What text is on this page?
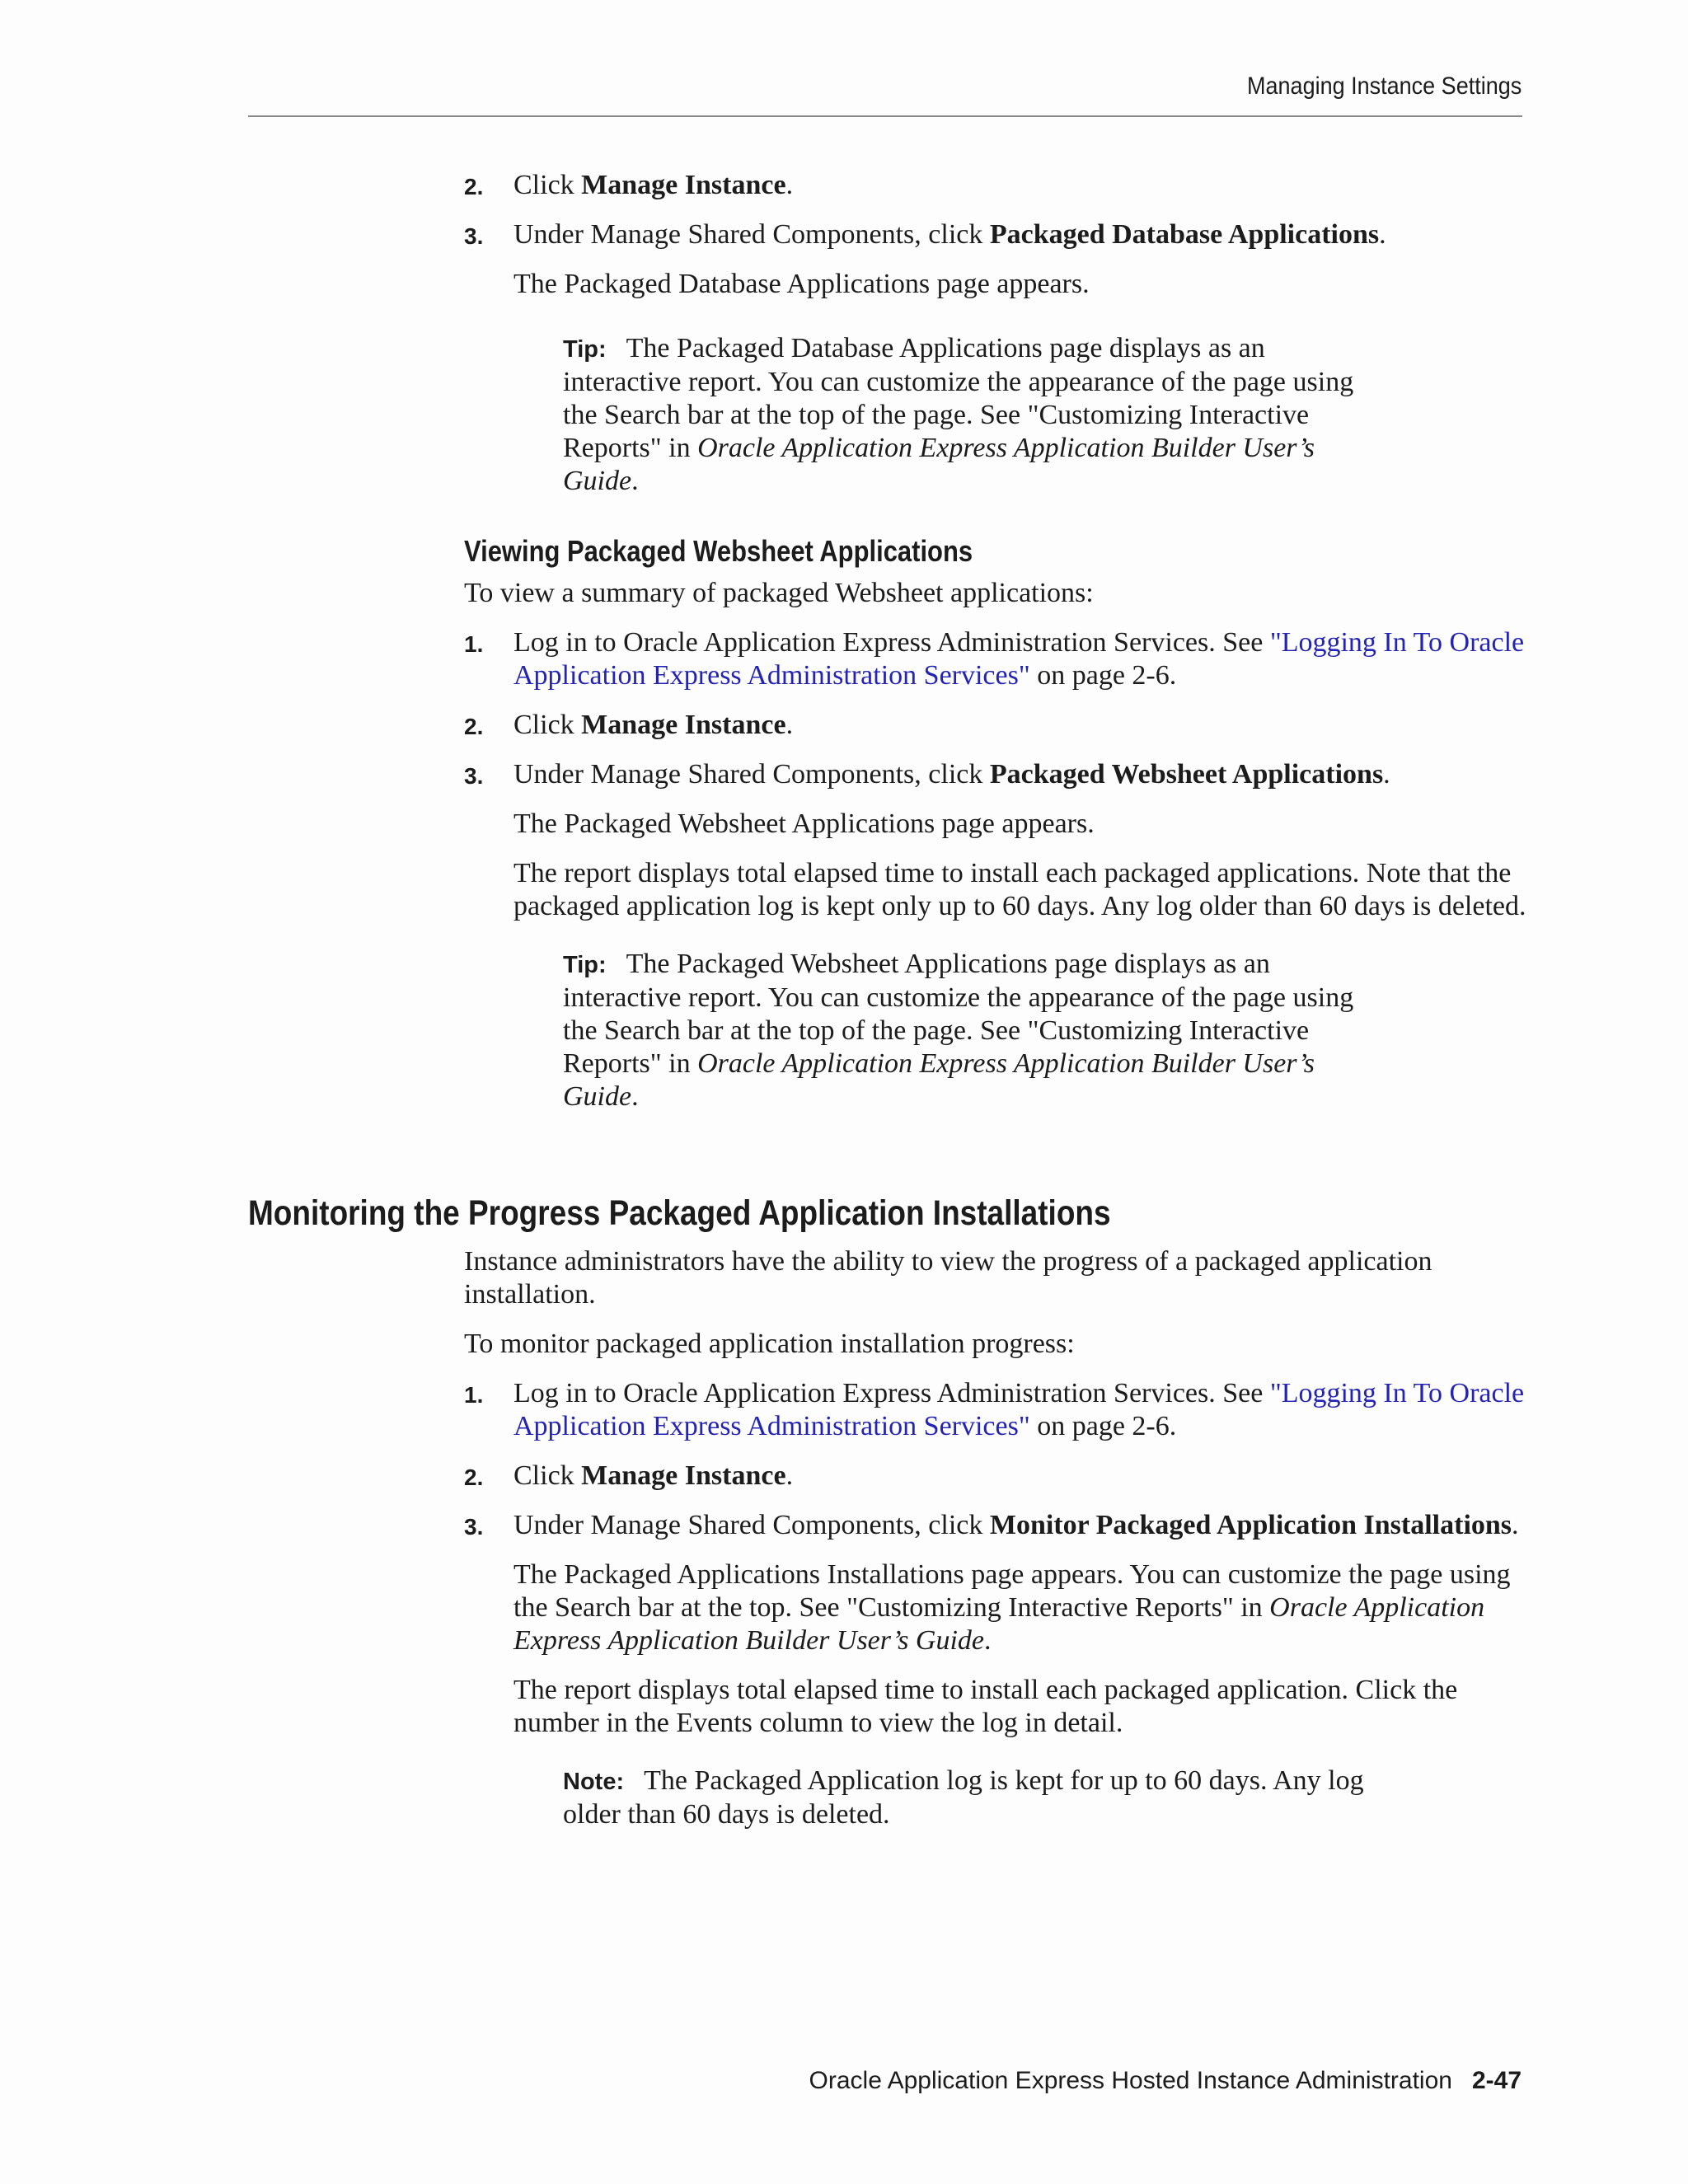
Managing Instance Settings
2. Click Manage Instance.
3. Under Manage Shared Components, click Packaged Database Applications.
The Packaged Database Applications page appears.
Tip: The Packaged Database Applications page displays as an interactive report. You can customize the appearance of the page using the Search bar at the top of the page. See "Customizing Interactive Reports" in Oracle Application Express Application Builder User’s Guide.
Viewing Packaged Websheet Applications
To view a summary of packaged Websheet applications:
1. Log in to Oracle Application Express Administration Services. See "Logging In To Oracle Application Express Administration Services" on page 2-6.
2. Click Manage Instance.
3. Under Manage Shared Components, click Packaged Websheet Applications.
The Packaged Websheet Applications page appears.
The report displays total elapsed time to install each packaged applications. Note that the packaged application log is kept only up to 60 days. Any log older than 60 days is deleted.
Tip: The Packaged Websheet Applications page displays as an interactive report. You can customize the appearance of the page using the Search bar at the top of the page. See "Customizing Interactive Reports" in Oracle Application Express Application Builder User’s Guide.
Monitoring the Progress Packaged Application Installations
Instance administrators have the ability to view the progress of a packaged application installation.
To monitor packaged application installation progress:
1. Log in to Oracle Application Express Administration Services. See "Logging In To Oracle Application Express Administration Services" on page 2-6.
2. Click Manage Instance.
3. Under Manage Shared Components, click Monitor Packaged Application Installations.
The Packaged Applications Installations page appears. You can customize the page using the Search bar at the top. See "Customizing Interactive Reports" in Oracle Application Express Application Builder User’s Guide.
The report displays total elapsed time to install each packaged application. Click the number in the Events column to view the log in detail.
Note: The Packaged Application log is kept for up to 60 days. Any log older than 60 days is deleted.
Oracle Application Express Hosted Instance Administration 2-47
